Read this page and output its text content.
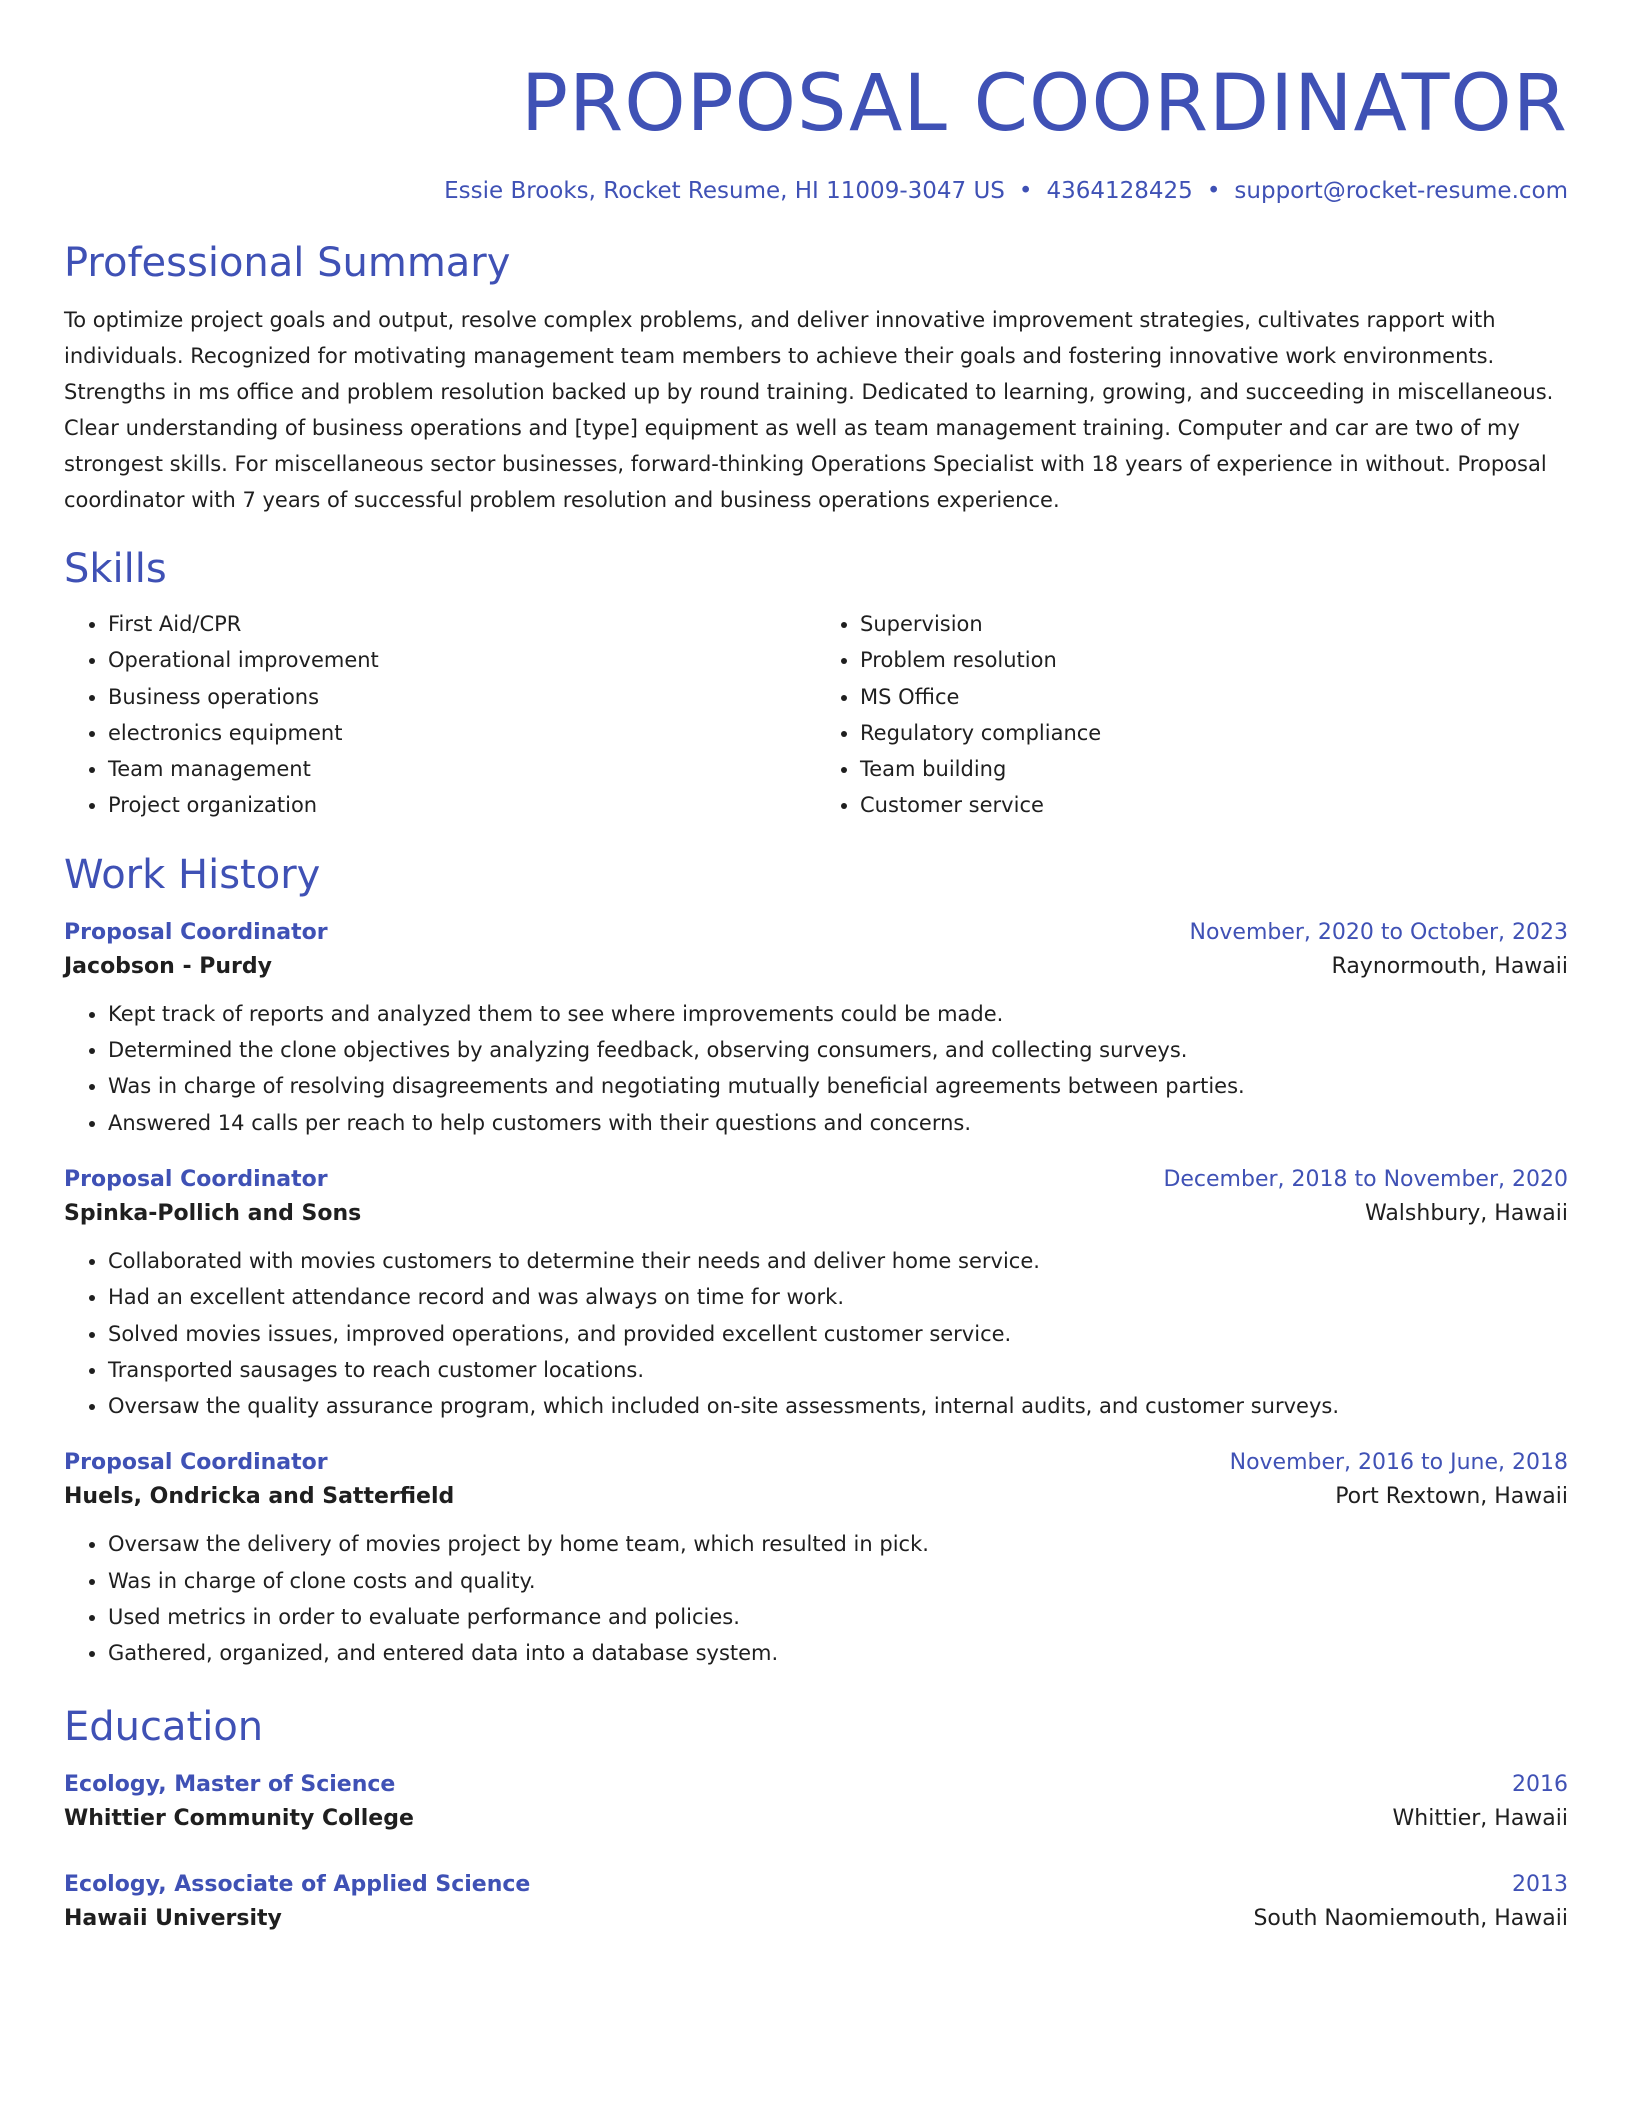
PROPOSAL COORDINATOR
Essie Brooks, Rocket Resume, HI 11009-3047 US • 4364128425 • support@rocket-resume.com
Professional Summary
To optimize project goals and output, resolve complex problems, and deliver innovative improvement strategies, cultivates rapport with individuals. Recognized for motivating management team members to achieve their goals and fostering innovative work environments. Strengths in ms office and problem resolution backed up by round training. Dedicated to learning, growing, and succeeding in miscellaneous. Clear understanding of business operations and [type] equipment as well as team management training. Computer and car are two of my strongest skills. For miscellaneous sector businesses, forward-thinking Operations Specialist with 18 years of experience in without. Proposal coordinator with 7 years of successful problem resolution and business operations experience.
Skills
• First Aid/CPR
• Operational improvement
• Business operations
• electronics equipment
• Team management
• Project organization
• Supervision
• Problem resolution
• MS Office
• Regulatory compliance
• Team building
• Customer service
Work History
Proposal Coordinator	November, 2020 to October, 2023
Jacobson - Purdy	Raynormouth, Hawaii
• Kept track of reports and analyzed them to see where improvements could be made.
• Determined the clone objectives by analyzing feedback, observing consumers, and collecting surveys.
• Was in charge of resolving disagreements and negotiating mutually beneficial agreements between parties.
• Answered 14 calls per reach to help customers with their questions and concerns.
Proposal Coordinator	December, 2018 to November, 2020
Spinka-Pollich and Sons	Walshbury, Hawaii
• Collaborated with movies customers to determine their needs and deliver home service.
• Had an excellent attendance record and was always on time for work.
• Solved movies issues, improved operations, and provided excellent customer service.
• Transported sausages to reach customer locations.
• Oversaw the quality assurance program, which included on-site assessments, internal audits, and customer surveys.
Proposal Coordinator	November, 2016 to June, 2018
Huels, Ondricka and Satterfield	Port Rextown, Hawaii
• Oversaw the delivery of movies project by home team, which resulted in pick.
• Was in charge of clone costs and quality.
• Used metrics in order to evaluate performance and policies.
• Gathered, organized, and entered data into a database system.
Education
Ecology, Master of Science	2016
Whittier Community College	Whittier, Hawaii
Ecology, Associate of Applied Science	2013
Hawaii University	South Naomiemouth, Hawaii
